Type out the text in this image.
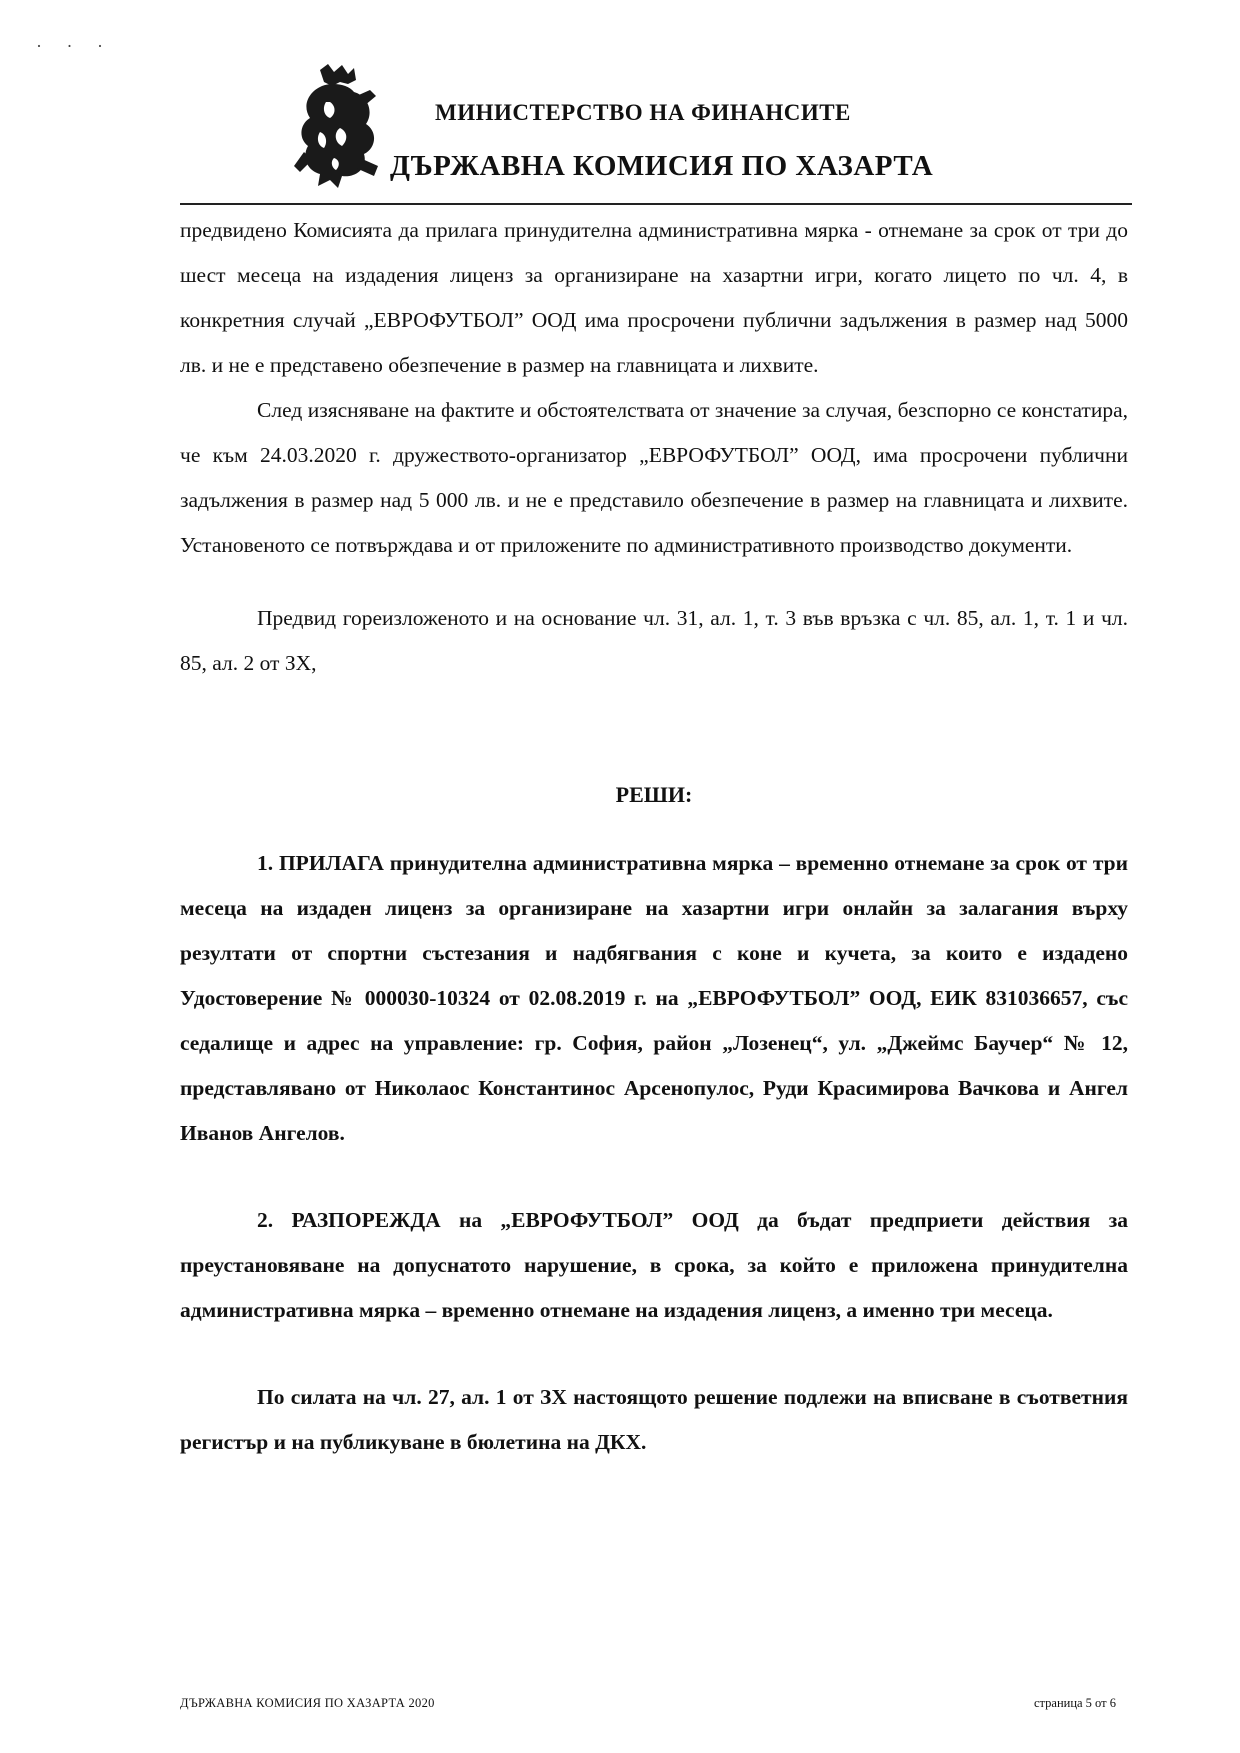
· · ·
МИНИСТЕРСТВО НА ФИНАНСИТЕ
ДЪРЖАВНА КОМИСИЯ ПО ХАЗАРТА

предвидено Комисията да прилага принудителна административна мярка - отнемане за срок от три до шест месеца на издадения лиценз за организиране на хазартни игри, когато лицето по чл. 4, в конкретния случай „ЕВРОФУТБОЛ” ООД има просрочени публични задължения в размер над 5000 лв. и не е представено обезпечение в размер на главницата и лихвите.

След изясняване на фактите и обстоятелствата от значение за случая, безспорно се констатира, че към 24.03.2020 г. дружеството-организатор „ЕВРОФУТБОЛ” ООД, има просрочени публични задължения в размер над 5 000 лв. и не е представило обезпечение в размер на главницата и лихвите. Установеното се потвърждава и от приложените по административното производство документи.

Предвид гореизложеното и на основание чл. 31, ал. 1, т. 3 във връзка с чл. 85, ал. 1, т. 1 и чл. 85, ал. 2 от ЗХ,

РЕШИ:

1. ПРИЛАГА принудителна административна мярка – временно отнемане за срок от три месеца на издаден лиценз за организиране на хазартни игри онлайн за залагания върху резултати от спортни състезания и надбягвания с коне и кучета, за които е издадено Удостоверение № 000030-10324 от 02.08.2019 г. на „ЕВРОФУТБОЛ” ООД, ЕИК 831036657, със седалище и адрес на управление: гр. София, район „Лозенец“, ул. „Джеймс Баучер“ № 12, представлявано от Николаос Константинос Арсенопулос, Руди Красимирова Вачкова и Ангел Иванов Ангелов.

2. РАЗПОРЕЖДА на „ЕВРОФУТБОЛ” ООД да бъдат предприети действия за преустановяване на допуснатото нарушение, в срока, за който е приложена принудителна административна мярка – временно отнемане на издадения лиценз, а именно три месеца.

По силата на чл. 27, ал. 1 от ЗХ настоящото решение подлежи на вписване в съответния регистър и на публикуване в бюлетина на ДКХ.

ДЪРЖАВНА КОМИСИЯ ПО ХАЗАРТА 2020	страница 5 от 6
